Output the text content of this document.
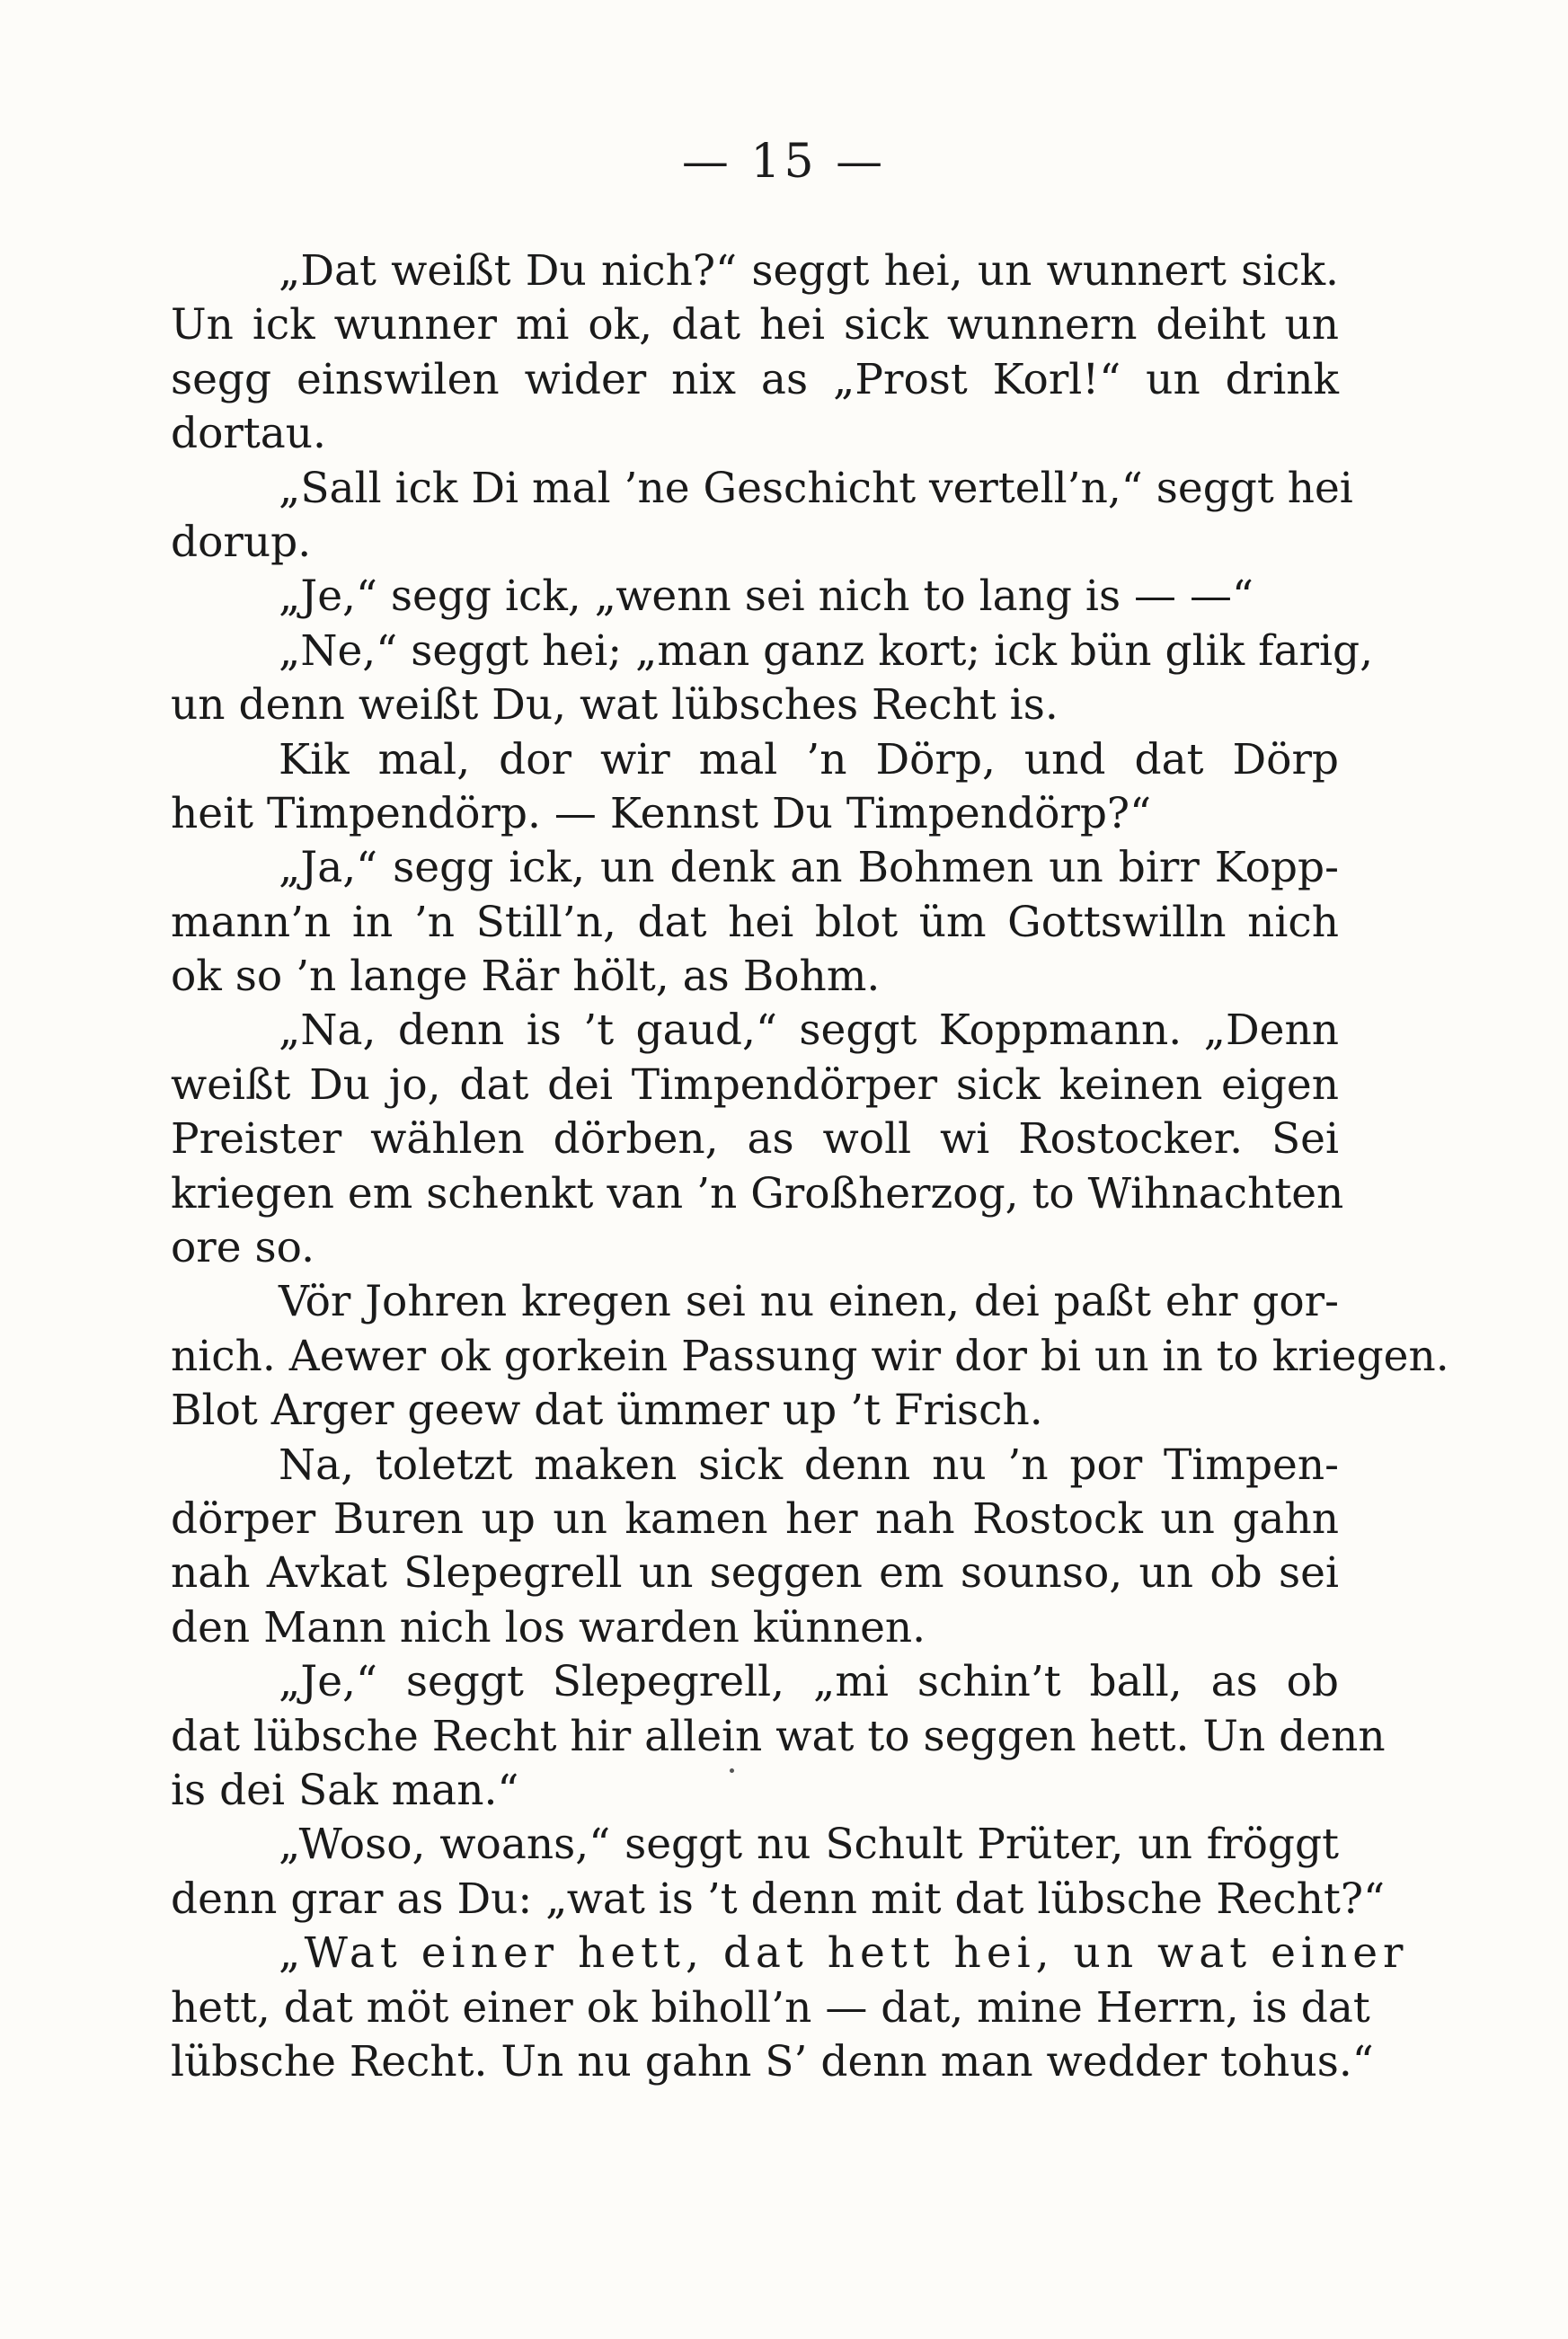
— 15 —
„Dat weißt Du nich?“ seggt hei, un wunnert sick.
Un ick wunner mi ok, dat hei sick wunnern deiht un
segg einswilen wider nix as „Prost Korl!“ un drink
dortau.
„Sall ick Di mal ’ne Geschicht vertell’n,“ seggt hei
dorup.
„Je,“ segg ick, „wenn sei nich to lang is — —“
„Ne,“ seggt hei; „man ganz kort; ick bün glik farig,
un denn weißt Du, wat lübsches Recht is.
Kik mal, dor wir mal ’n Dörp, und dat Dörp
heit Timpendörp. — Kennst Du Timpendörp?“
„Ja,“ segg ick, un denk an Bohmen un birr Kopp-
mann’n in ’n Still’n, dat hei blot üm Gottswilln nich
ok so ’n lange Rär hölt, as Bohm.
„Na, denn is ’t gaud,“ seggt Koppmann. „Denn
weißt Du jo, dat dei Timpendörper sick keinen eigen
Preister wählen dörben, as woll wi Rostocker. Sei
kriegen em schenkt van ’n Großherzog, to Wihnachten
ore so.
Vör Johren kregen sei nu einen, dei paßt ehr gor-
nich. Aewer ok gorkein Passung wir dor bi un in to kriegen.
Blot Arger geew dat ümmer up ’t Frisch.
Na, toletzt maken sick denn nu ’n por Timpen-
dörper Buren up un kamen her nah Rostock un gahn
nah Avkat Slepegrell un seggen em sounso, un ob sei
den Mann nich los warden künnen.
„Je,“ seggt Slepegrell, „mi schin’t ball, as ob
dat lübsche Recht hir allein wat to seggen hett. Un denn
is dei Sak man.“
„Woso, woans,“ seggt nu Schult Prüter, un fröggt
denn grar as Du: „wat is ’t denn mit dat lübsche Recht?“
„Wat einer hett, dat hett hei, un wat einer
hett, dat möt einer ok biholl’n — dat, mine Herrn, is dat
lübsche Recht. Un nu gahn S’ denn man wedder tohus.“
